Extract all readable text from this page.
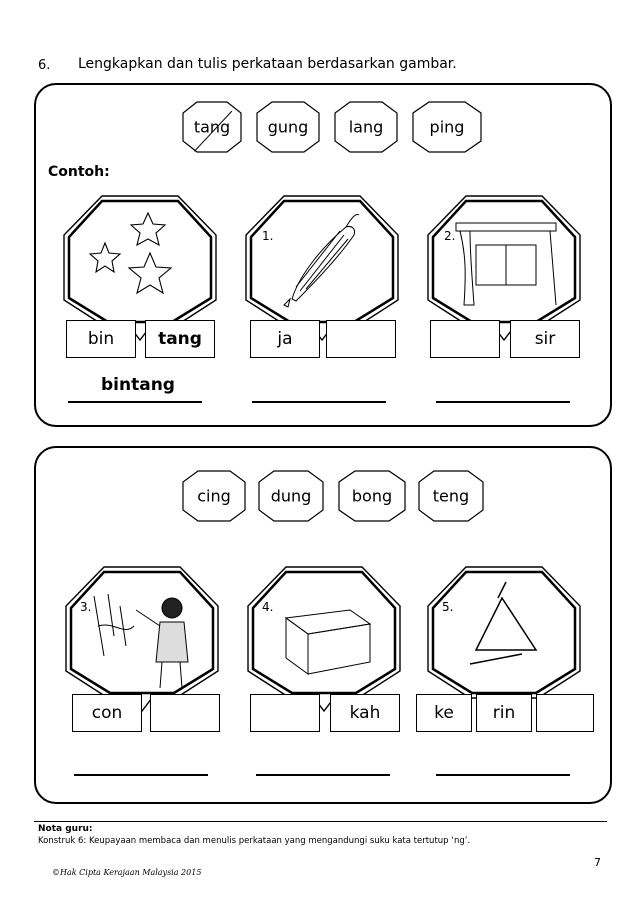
6. Lengkapkan dan tulis perkataan berdasarkan gambar.
tang	gung	lang	ping
Contoh:
bin	tang
bintang
1.
ja
2.
sir
cing	dung	bong	teng
3.
con
4.
kah
5.
ke	rin
Nota guru:
Konstruk 6: Keupayaan membaca dan menulis perkataan yang mengandungi suku kata tertutup ‘ng’.
©Hak Cipta Kerajaan Malaysia 2015
7
